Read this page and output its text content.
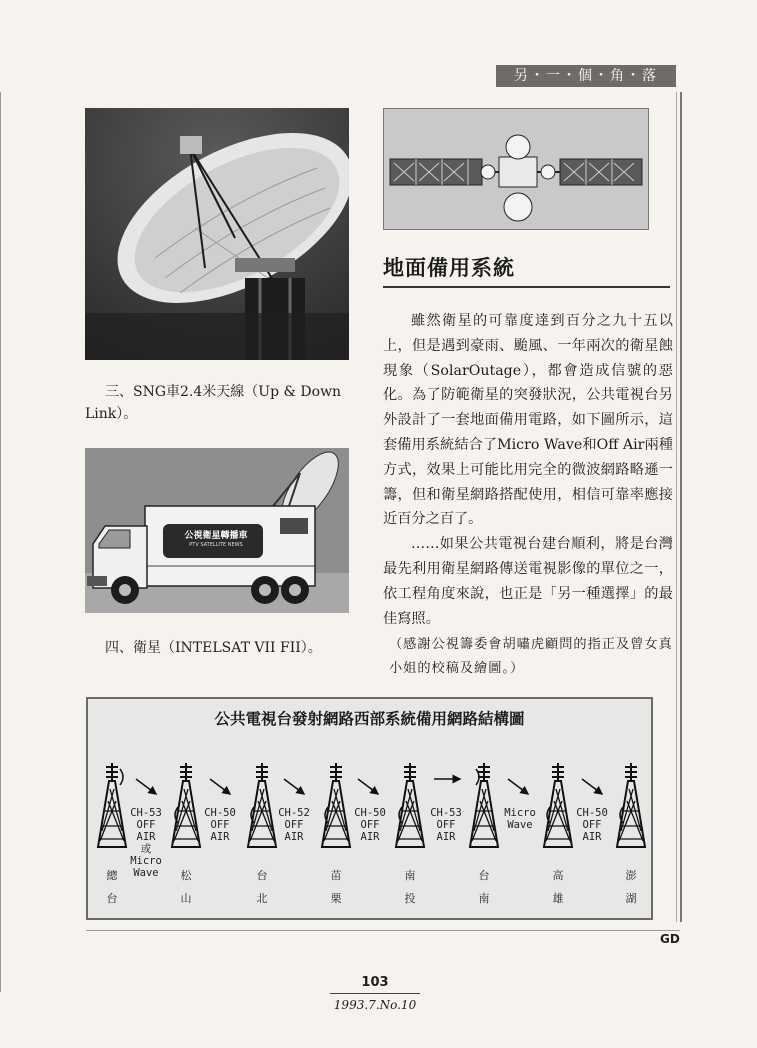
另・一・個・角・落
三、SNG車2.4米天線（Up & Down Link）。
公視衛星轉播車
PTV SATELLITE NEWS
四、衛星（INTELSAT VII FII）。
地面備用系統

雖然衛星的可靠度達到百分之九十五以上，但是遇到豪雨、颱風、一年兩次的衛星蝕現象（SolarOutage），都會造成信號的惡化。為了防範衛星的突發狀況，公共電視台另外設計了一套地面備用電路，如下圖所示，這套備用系統結合了Micro Wave和Off Air兩種方式，效果上可能比用完全的微波網路略遜一籌，但和衛星網路搭配使用，相信可靠率應接近百分之百了。

……如果公共電視台建台順利，將是台灣最先利用衛星網路傳送電視影像的單位之一，依工程角度來說，也正是「另一種選擇」的最佳寫照。

（感謝公視籌委會胡嘯虎顧問的指正及曾女真小姐的校稿及繪圖。）

公共電視台發射網路西部系統備用網路結構圖
CH-53
OFF
AIR
或
Micro
Wave
CH-50
OFF
AIR
CH-52
OFF
AIR
CH-50
OFF
AIR
CH-53
OFF
AIR
Micro
Wave
CH-50
OFF
AIR
總
台
松
山
台
北
苗
栗
南
投
台
南
高
雄
澎
湖
GD
103
1993.7.No.10
